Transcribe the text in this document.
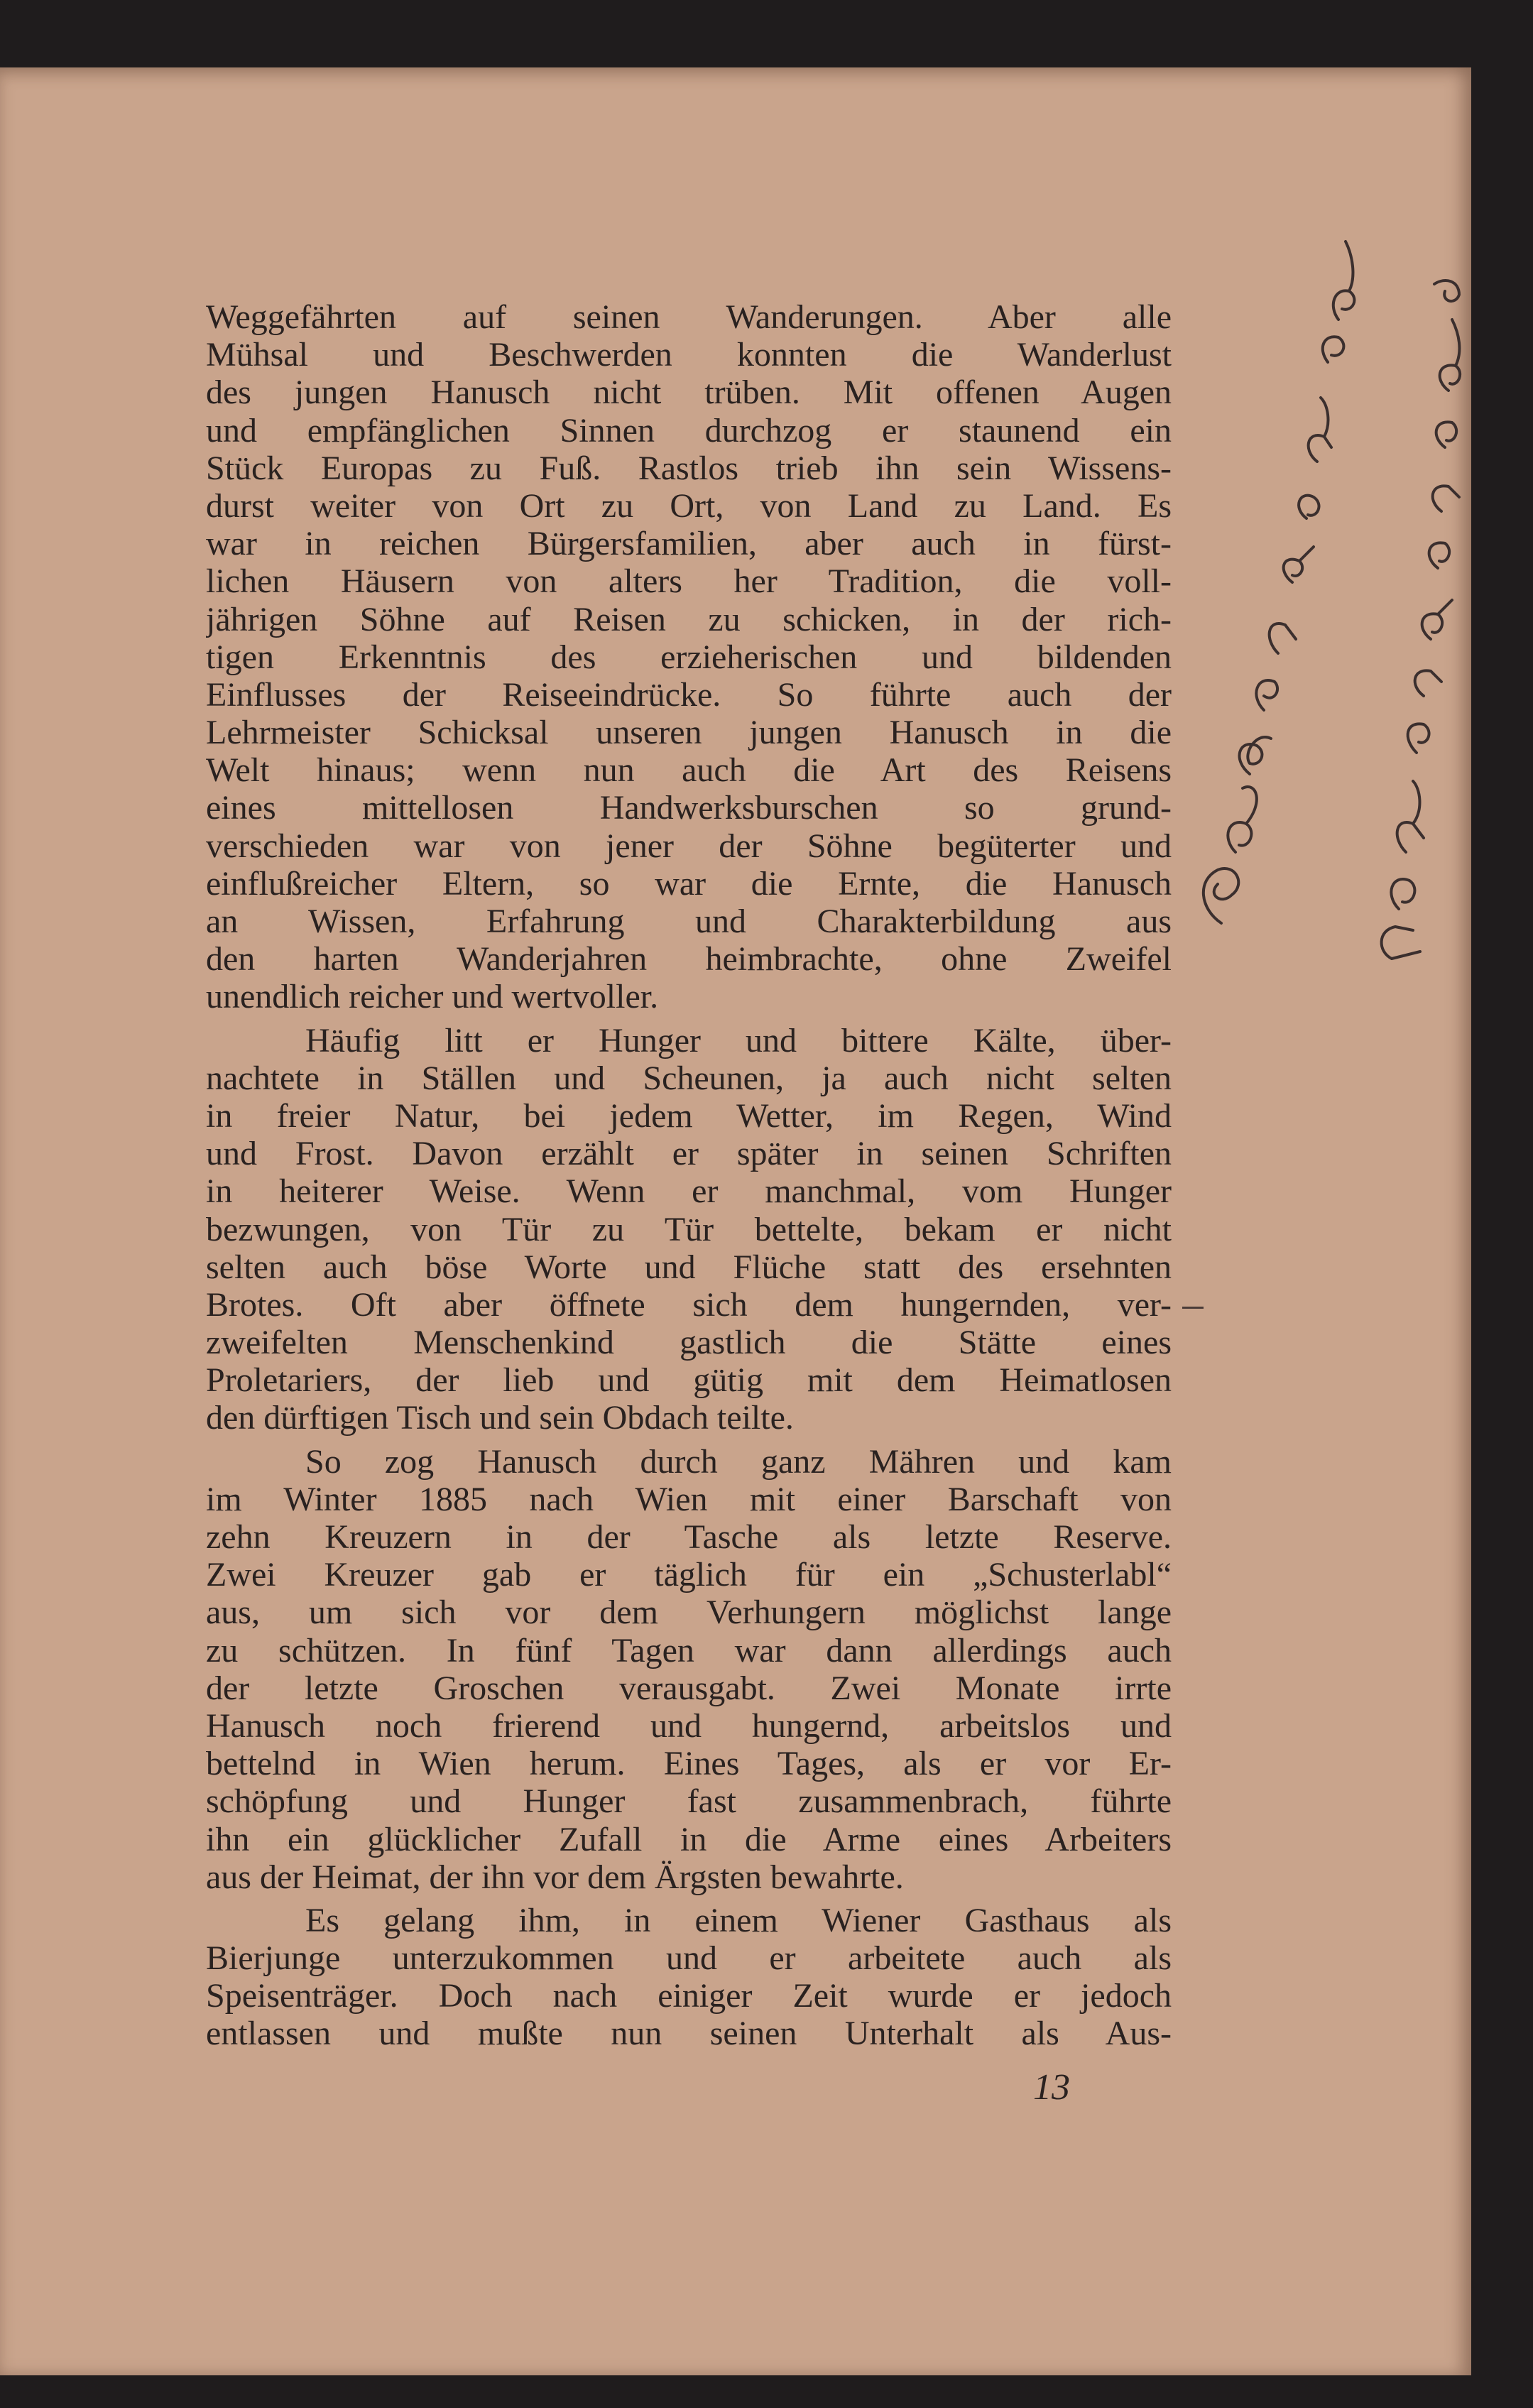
Weggefährten auf seinen Wanderungen. Aber alle
Mühsal und Beschwerden konnten die Wanderlust
des jungen Hanusch nicht trüben. Mit offenen Augen
und empfänglichen Sinnen durchzog er staunend ein
Stück Europas zu Fuß. Rastlos trieb ihn sein Wissens-
durst weiter von Ort zu Ort, von Land zu Land. Es
war in reichen Bürgersfamilien, aber auch in fürst-
lichen Häusern von alters her Tradition, die voll-
jährigen Söhne auf Reisen zu schicken, in der rich-
tigen Erkenntnis des erzieherischen und bildenden
Einflusses der Reiseeindrücke. So führte auch der
Lehrmeister Schicksal unseren jungen Hanusch in die
Welt hinaus; wenn nun auch die Art des Reisens
eines mittellosen Handwerksburschen so grund-
verschieden war von jener der Söhne begüterter und
einflußreicher Eltern, so war die Ernte, die Hanusch
an Wissen, Erfahrung und Charakterbildung aus
den harten Wanderjahren heimbrachte, ohne Zweifel
unendlich reicher und wertvoller.
Häufig litt er Hunger und bittere Kälte, über-
nachtete in Ställen und Scheunen, ja auch nicht selten
in freier Natur, bei jedem Wetter, im Regen, Wind
und Frost. Davon erzählt er später in seinen Schriften
in heiterer Weise. Wenn er manchmal, vom Hunger
bezwungen, von Tür zu Tür bettelte, bekam er nicht
selten auch böse Worte und Flüche statt des ersehnten
Brotes. Oft aber öffnete sich dem hungernden, ver-
zweifelten Menschenkind gastlich die Stätte eines
Proletariers, der lieb und gütig mit dem Heimatlosen
den dürftigen Tisch und sein Obdach teilte.
So zog Hanusch durch ganz Mähren und kam
im Winter 1885 nach Wien mit einer Barschaft von
zehn Kreuzern in der Tasche als letzte Reserve.
Zwei Kreuzer gab er täglich für ein „Schusterlabl“
aus, um sich vor dem Verhungern möglichst lange
zu schützen. In fünf Tagen war dann allerdings auch
der letzte Groschen verausgabt. Zwei Monate irrte
Hanusch noch frierend und hungernd, arbeitslos und
bettelnd in Wien herum. Eines Tages, als er vor Er-
schöpfung und Hunger fast zusammenbrach, führte
ihn ein glücklicher Zufall in die Arme eines Arbeiters
aus der Heimat, der ihn vor dem Ärgsten bewahrte.
Es gelang ihm, in einem Wiener Gasthaus als
Bierjunge unterzukommen und er arbeitete auch als
Speisenträger. Doch nach einiger Zeit wurde er jedoch
entlassen und mußte nun seinen Unterhalt als Aus-
13
